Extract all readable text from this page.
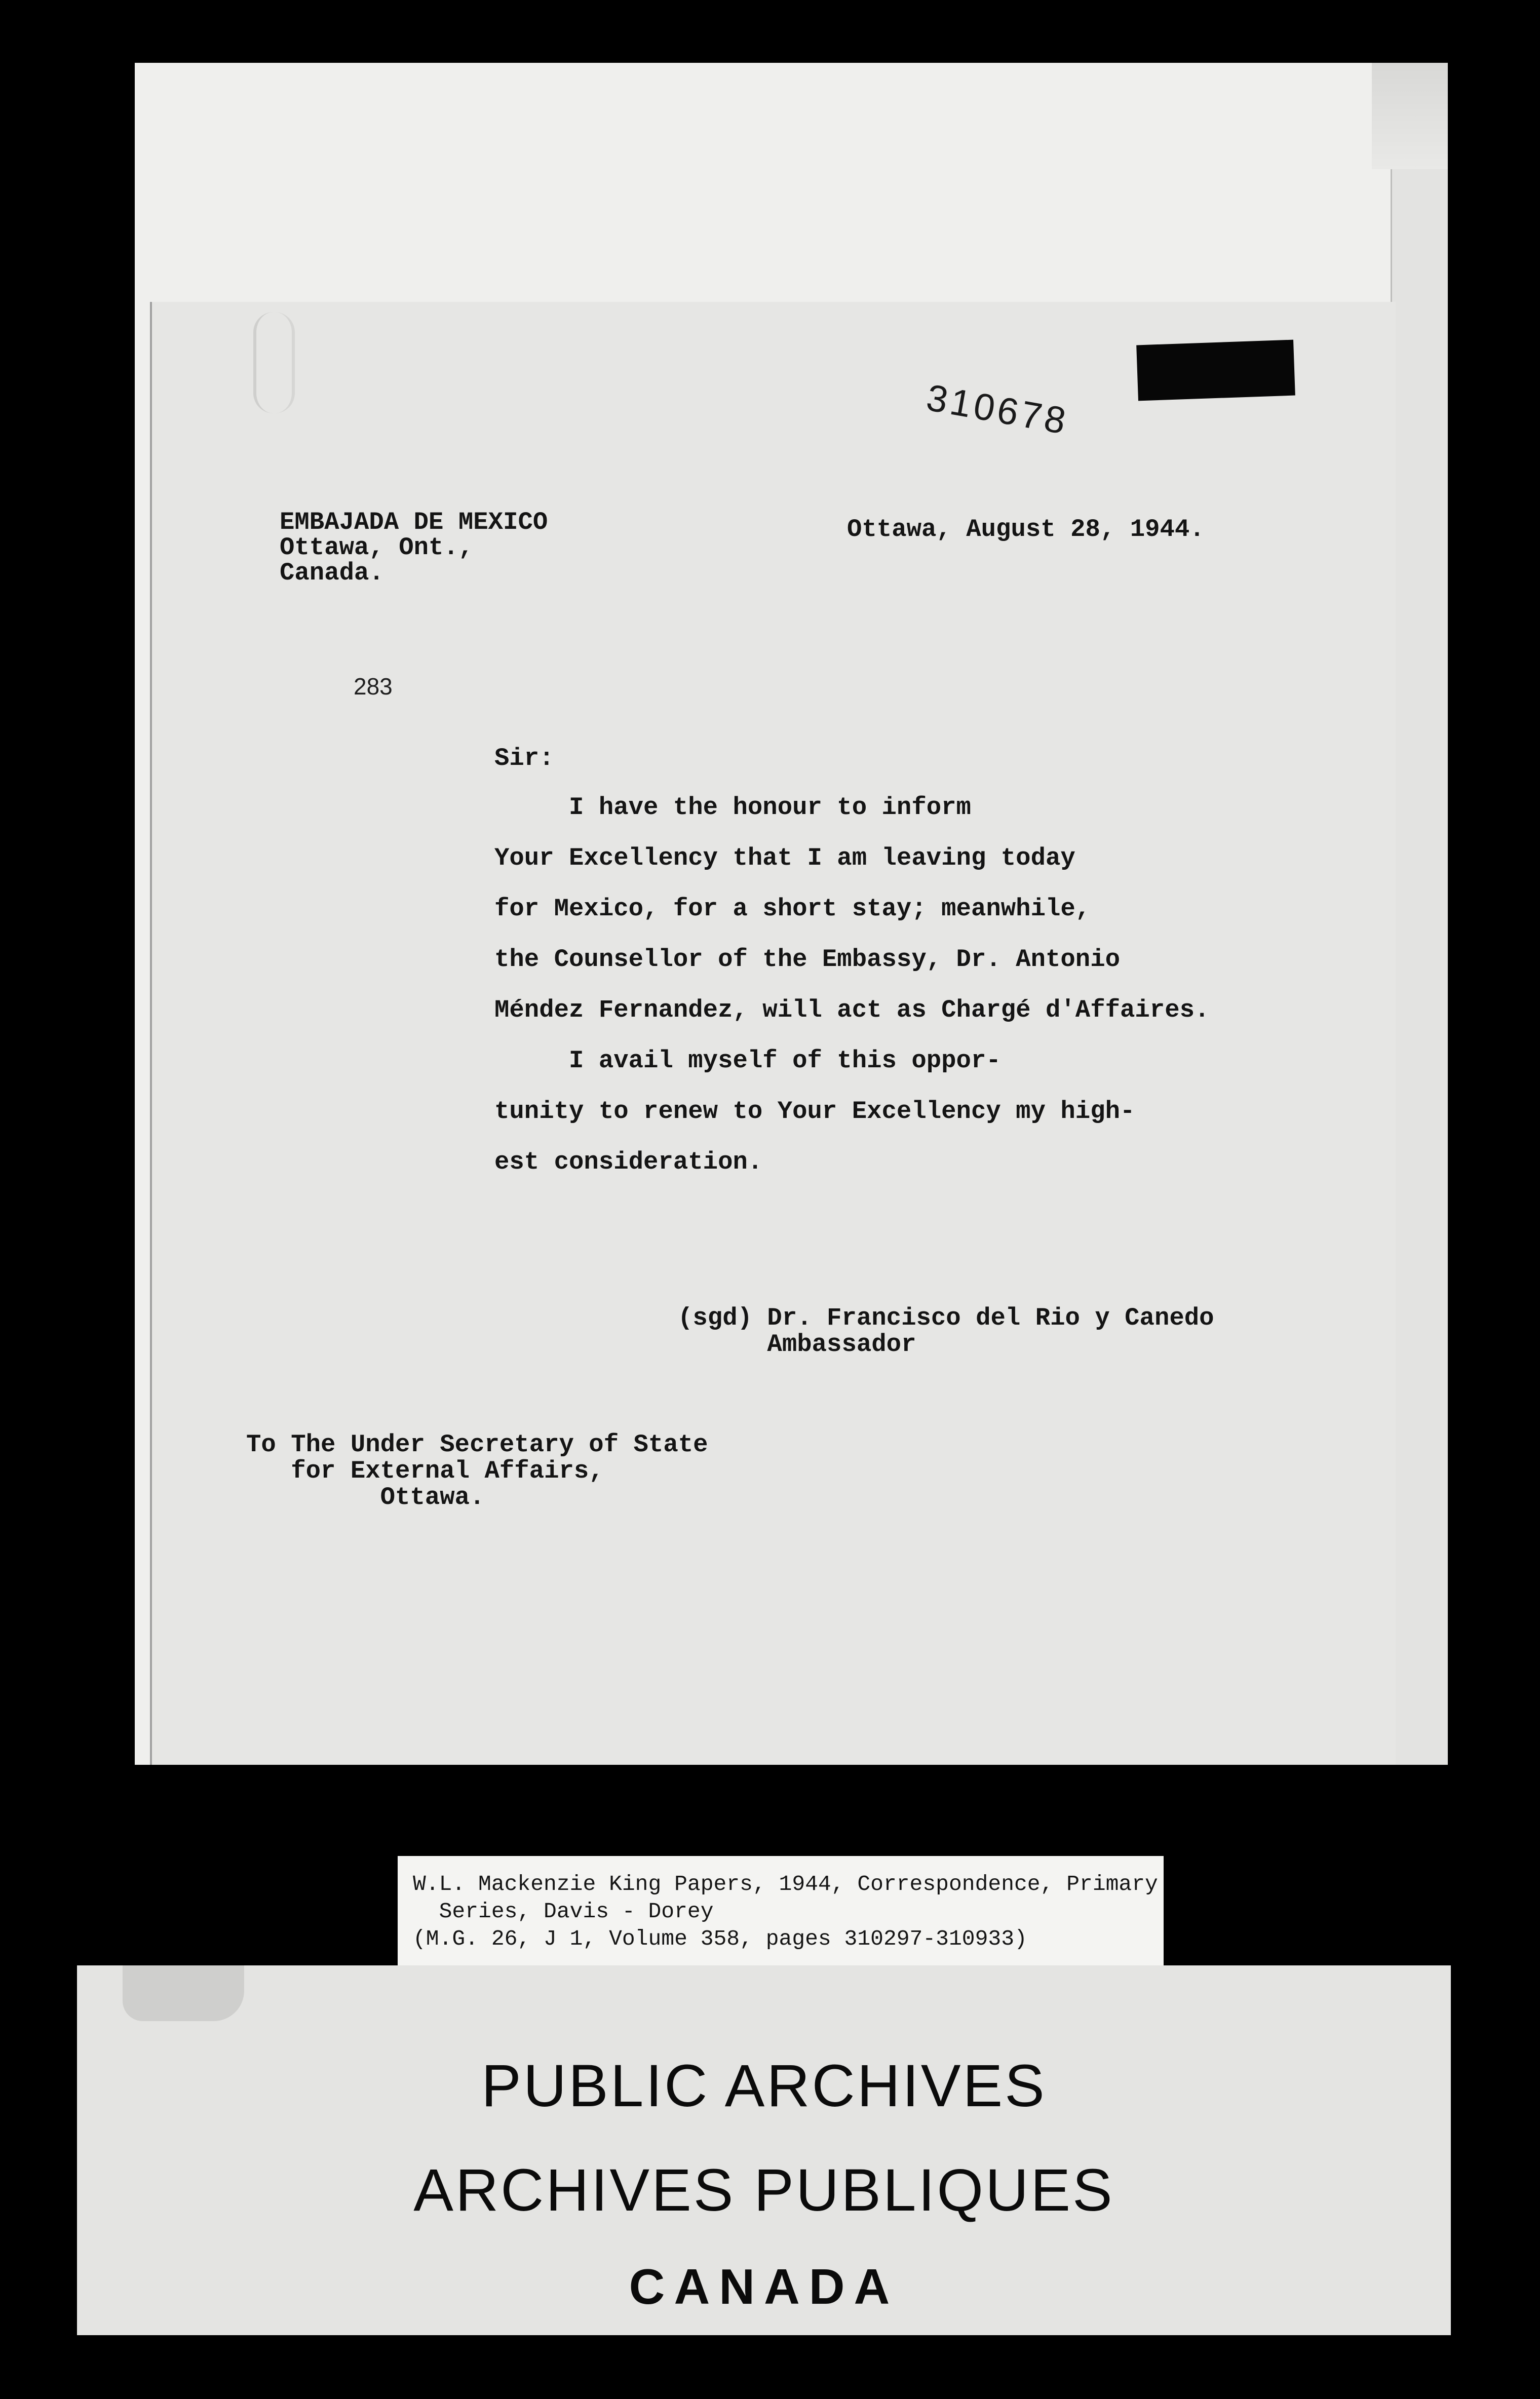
310678
EMBAJADA DE MEXICO
Ottawa, Ont.,
Canada.
Ottawa, August 28, 1944.
283
Sir:
I have the honour to inform
Your Excellency that I am leaving today
for Mexico, for a short stay; meanwhile,
the Counsellor of the Embassy, Dr. Antonio
Méndez Fernandez, will act as Chargé d'Affaires.
I avail myself of this oppor-
tunity to renew to Your Excellency my high-
est consideration.
(sgd) Dr. Francisco del Rio y Canedo
Ambassador
To The Under Secretary of State
for External Affairs,
Ottawa.
W.L. Mackenzie King Papers, 1944, Correspondence, Primary
Series, Davis - Dorey
(M.G. 26, J 1, Volume 358, pages 310297-310933)
PUBLIC ARCHIVES
ARCHIVES PUBLIQUES
CANADA
